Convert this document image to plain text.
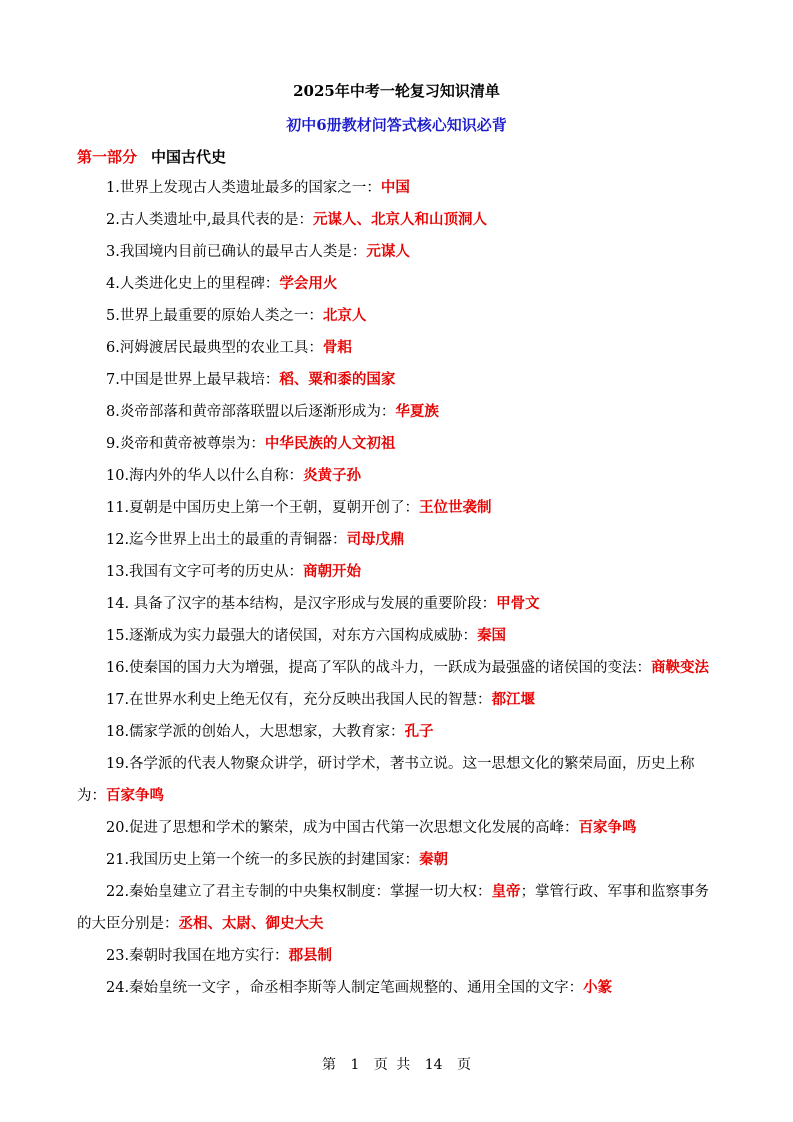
2025年中考一轮复习知识清单
初中6册教材问答式核心知识必背
第一部分 中国古代史

1.世界上发现古人类遗址最多的国家之一：中国

2.古人类遗址中,最具代表的是：元谋人、北京人和山顶洞人

3.我国境内目前已确认的最早古人类是：元谋人

4.人类进化史上的里程碑：学会用火

5.世界上最重要的原始人类之一：北京人

6.河姆渡居民最典型的农业工具：骨耜

7.中国是世界上最早栽培：稻、粟和黍的国家

8.炎帝部落和黄帝部落联盟以后逐渐形成为：华夏族

9.炎帝和黄帝被尊崇为：中华民族的人文初祖

10.海内外的华人以什么自称：炎黄子孙

11.夏朝是中国历史上第一个王朝，夏朝开创了：王位世袭制

12.迄今世界上出土的最重的青铜器：司母戊鼎

13.我国有文字可考的历史从：商朝开始

14. 具备了汉字的基本结构，是汉字形成与发展的重要阶段：甲骨文

15.逐渐成为实力最强大的诸侯国，对东方六国构成威胁：秦国

16.使秦国的国力大为增强，提高了军队的战斗力，一跃成为最强盛的诸侯国的变法：商鞅变法

17.在世界水利史上绝无仅有，充分反映出我国人民的智慧：都江堰

18.儒家学派的创始人，大思想家，大教育家：孔子

19.各学派的代表人物聚众讲学，研讨学术，著书立说。这一思想文化的繁荣局面，历史上称为：百家争鸣

20.促进了思想和学术的繁荣，成为中国古代第一次思想文化发展的高峰：百家争鸣

21.我国历史上第一个统一的多民族的封建国家：秦朝

22.秦始皇建立了君主专制的中央集权制度：掌握一切大权：皇帝；掌管行政、军事和监察事务的大臣分别是：丞相、太尉、御史大夫

23.秦朝时我国在地方实行：郡县制

24.秦始皇统一文字 ，命丞相李斯等人制定笔画规整的、通用全国的文字：小篆

第 1 页 共 14 页
